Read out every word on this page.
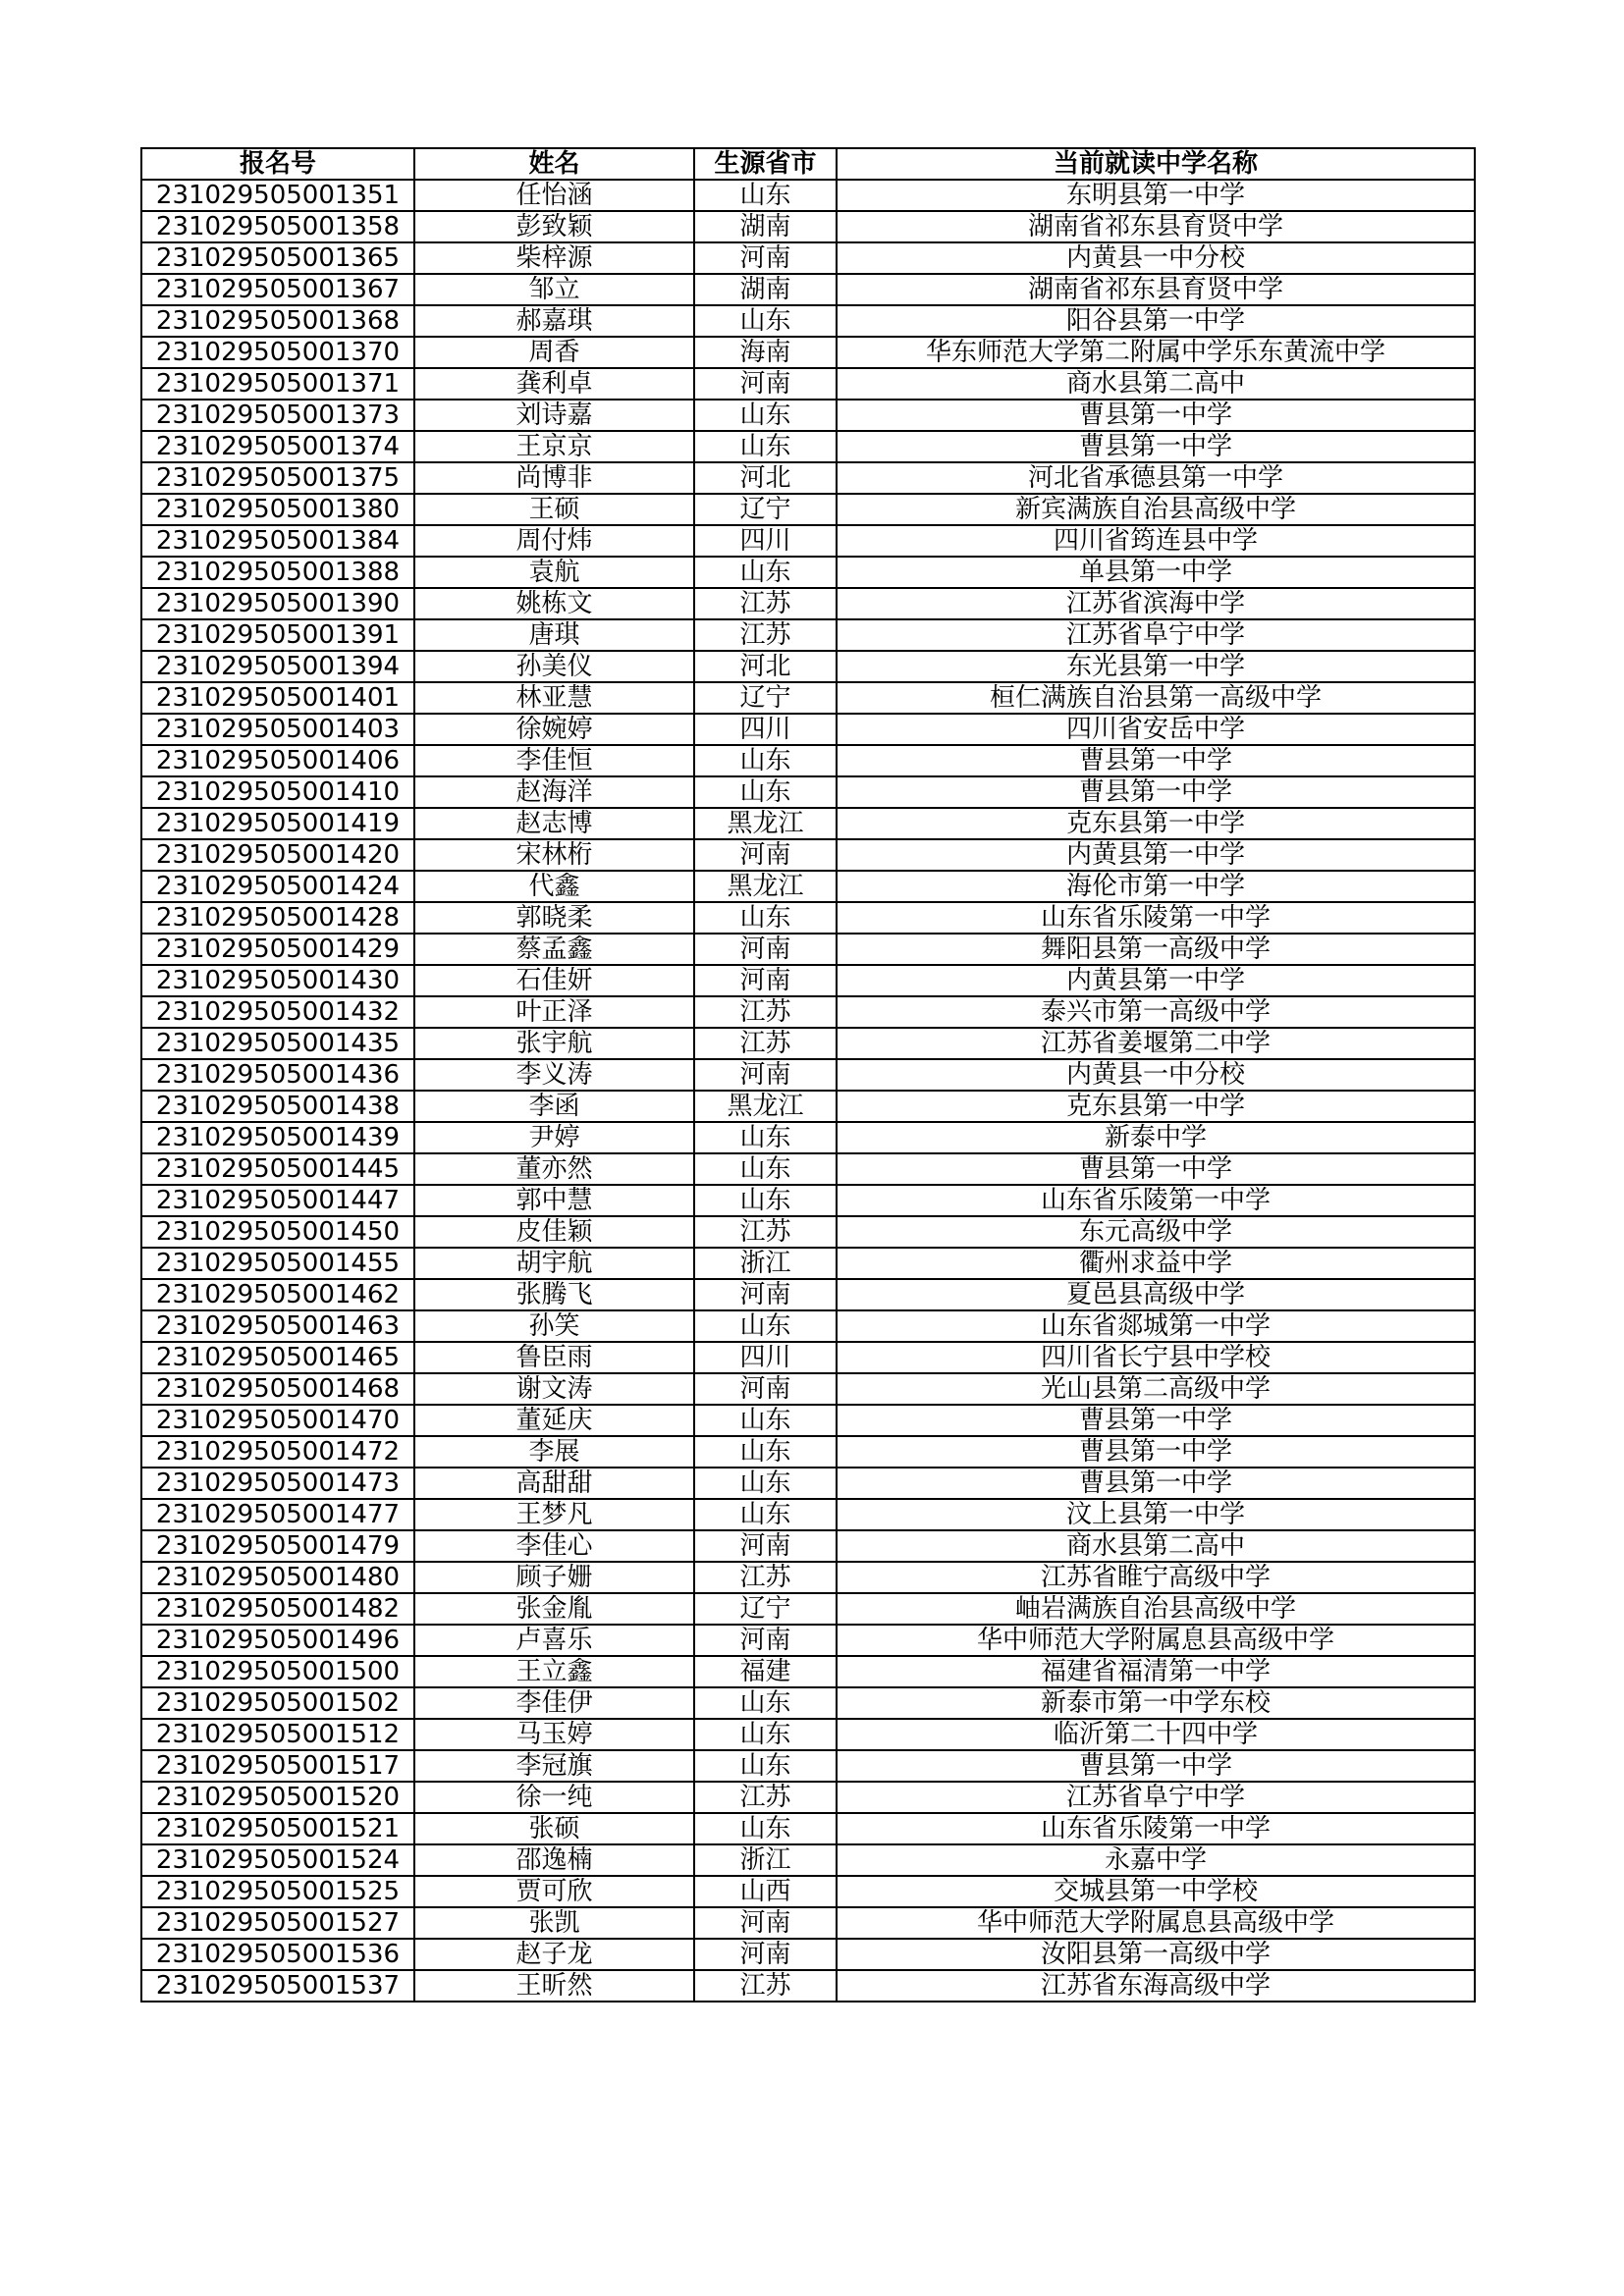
报名号	姓名	生源省市	当前就读中学名称
231029505001351	任怡涵	山东	东明县第一中学
231029505001358	彭致颖	湖南	湖南省祁东县育贤中学
231029505001365	柴梓源	河南	内黄县一中分校
231029505001367	邹立	湖南	湖南省祁东县育贤中学
231029505001368	郝嘉琪	山东	阳谷县第一中学
231029505001370	周香	海南	华东师范大学第二附属中学乐东黄流中学
231029505001371	龚利卓	河南	商水县第二高中
231029505001373	刘诗嘉	山东	曹县第一中学
231029505001374	王京京	山东	曹县第一中学
231029505001375	尚博非	河北	河北省承德县第一中学
231029505001380	王硕	辽宁	新宾满族自治县高级中学
231029505001384	周付炜	四川	四川省筠连县中学
231029505001388	袁航	山东	单县第一中学
231029505001390	姚栋文	江苏	江苏省滨海中学
231029505001391	唐琪	江苏	江苏省阜宁中学
231029505001394	孙美仪	河北	东光县第一中学
231029505001401	林亚慧	辽宁	桓仁满族自治县第一高级中学
231029505001403	徐婉婷	四川	四川省安岳中学
231029505001406	李佳恒	山东	曹县第一中学
231029505001410	赵海洋	山东	曹县第一中学
231029505001419	赵志博	黑龙江	克东县第一中学
231029505001420	宋林桁	河南	内黄县第一中学
231029505001424	代鑫	黑龙江	海伦市第一中学
231029505001428	郭晓柔	山东	山东省乐陵第一中学
231029505001429	蔡孟鑫	河南	舞阳县第一高级中学
231029505001430	石佳妍	河南	内黄县第一中学
231029505001432	叶正泽	江苏	泰兴市第一高级中学
231029505001435	张宇航	江苏	江苏省姜堰第二中学
231029505001436	李义涛	河南	内黄县一中分校
231029505001438	李函	黑龙江	克东县第一中学
231029505001439	尹婷	山东	新泰中学
231029505001445	董亦然	山东	曹县第一中学
231029505001447	郭中慧	山东	山东省乐陵第一中学
231029505001450	皮佳颖	江苏	东元高级中学
231029505001455	胡宇航	浙江	衢州求益中学
231029505001462	张腾飞	河南	夏邑县高级中学
231029505001463	孙笑	山东	山东省郯城第一中学
231029505001465	鲁臣雨	四川	四川省长宁县中学校
231029505001468	谢文涛	河南	光山县第二高级中学
231029505001470	董延庆	山东	曹县第一中学
231029505001472	李展	山东	曹县第一中学
231029505001473	高甜甜	山东	曹县第一中学
231029505001477	王梦凡	山东	汶上县第一中学
231029505001479	李佳心	河南	商水县第二高中
231029505001480	顾子姗	江苏	江苏省睢宁高级中学
231029505001482	张金胤	辽宁	岫岩满族自治县高级中学
231029505001496	卢喜乐	河南	华中师范大学附属息县高级中学
231029505001500	王立鑫	福建	福建省福清第一中学
231029505001502	李佳伊	山东	新泰市第一中学东校
231029505001512	马玉婷	山东	临沂第二十四中学
231029505001517	李冠旗	山东	曹县第一中学
231029505001520	徐一纯	江苏	江苏省阜宁中学
231029505001521	张硕	山东	山东省乐陵第一中学
231029505001524	邵逸楠	浙江	永嘉中学
231029505001525	贾可欣	山西	交城县第一中学校
231029505001527	张凯	河南	华中师范大学附属息县高级中学
231029505001536	赵子龙	河南	汝阳县第一高级中学
231029505001537	王昕然	江苏	江苏省东海高级中学
